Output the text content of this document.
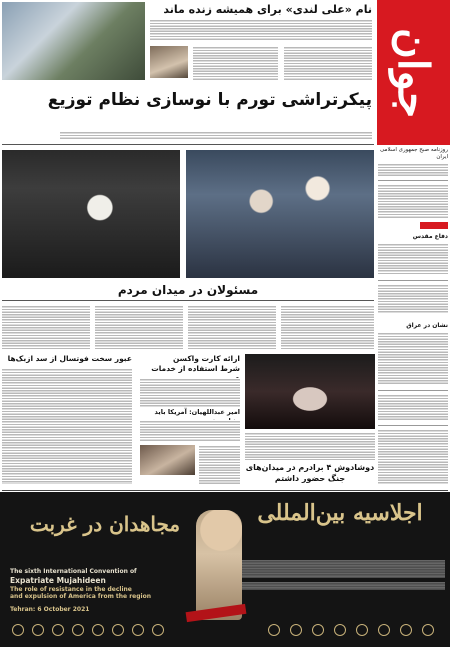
جوان
روزنامه صبح جمهوری اسلامی ایران
دفاع مقدس
نشان در عراق
نام «علی لندی» برای همیشه زنده ماند
پیکرتراشی تورم با نوسازی نظام توزیع
مسئولان در میدان مردم
عبور سخت فوتسال از سد ازبک‌ها	ارائه کارت واکسن
شرط استفاده از خدمات
امیر عبداللهیان: آمریکا باید
دوشادوش ۴ برادرم در میدان‌های جنگ حضور داشتم
اجلاسیه بین‌المللی
مجاهدان در غربت
The sixth International Convention of
Expatriate Mujahideen
The role of resistance in the decline
and expulsion of America from the region
Tehran: 6 October 2021
